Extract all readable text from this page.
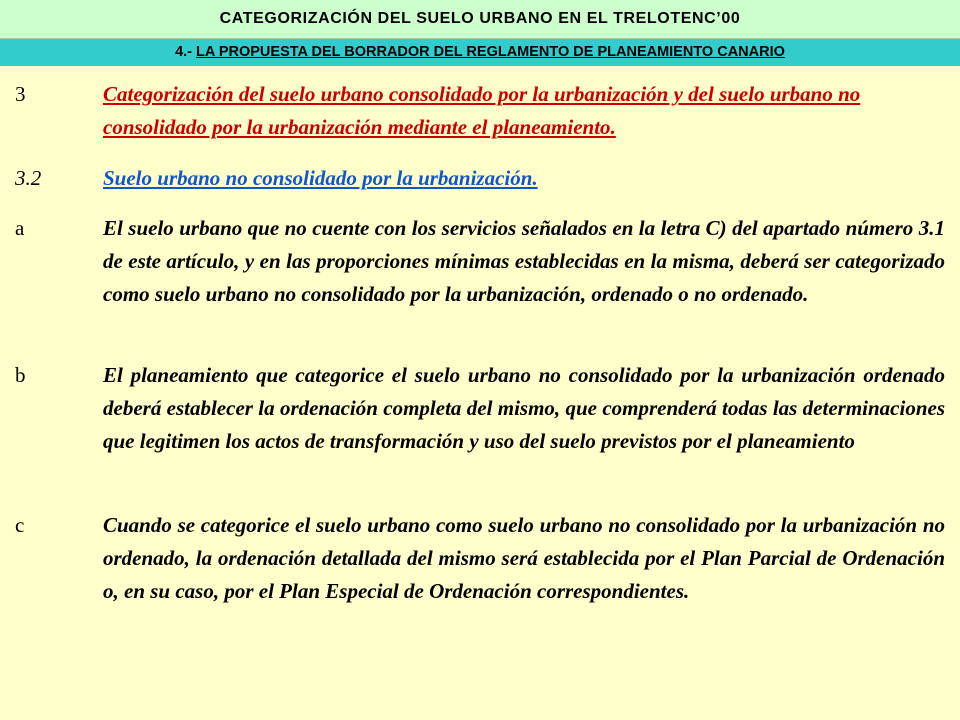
CATEGORIZACIÓN DEL SUELO URBANO EN EL TRELOTENC’00
4.- LA PROPUESTA DEL BORRADOR DEL REGLAMENTO DE PLANEAMIENTO CANARIO
3	Categorización del suelo urbano consolidado por la urbanización y del suelo urbano no consolidado por la urbanización mediante el planeamiento.
3.2	Suelo urbano no consolidado por la urbanización.
a	El suelo urbano que no cuente con los servicios señalados en la letra C) del apartado número 3.1 de este artículo, y en las proporciones mínimas establecidas en la misma, deberá ser categorizado como suelo urbano no consolidado por la urbanización, ordenado o no ordenado.
b	El planeamiento que categorice el suelo urbano no consolidado por la urbanización ordenado deberá establecer la ordenación completa del mismo, que comprenderá todas las determinaciones que legitimen los actos de transformación y uso del suelo previstos por el planeamiento
c	Cuando se categorice el suelo urbano como suelo urbano no consolidado por la urbanización no ordenado, la ordenación detallada del mismo será establecida por el Plan Parcial de Ordenación o, en su caso, por el Plan Especial de Ordenación correspondientes.
